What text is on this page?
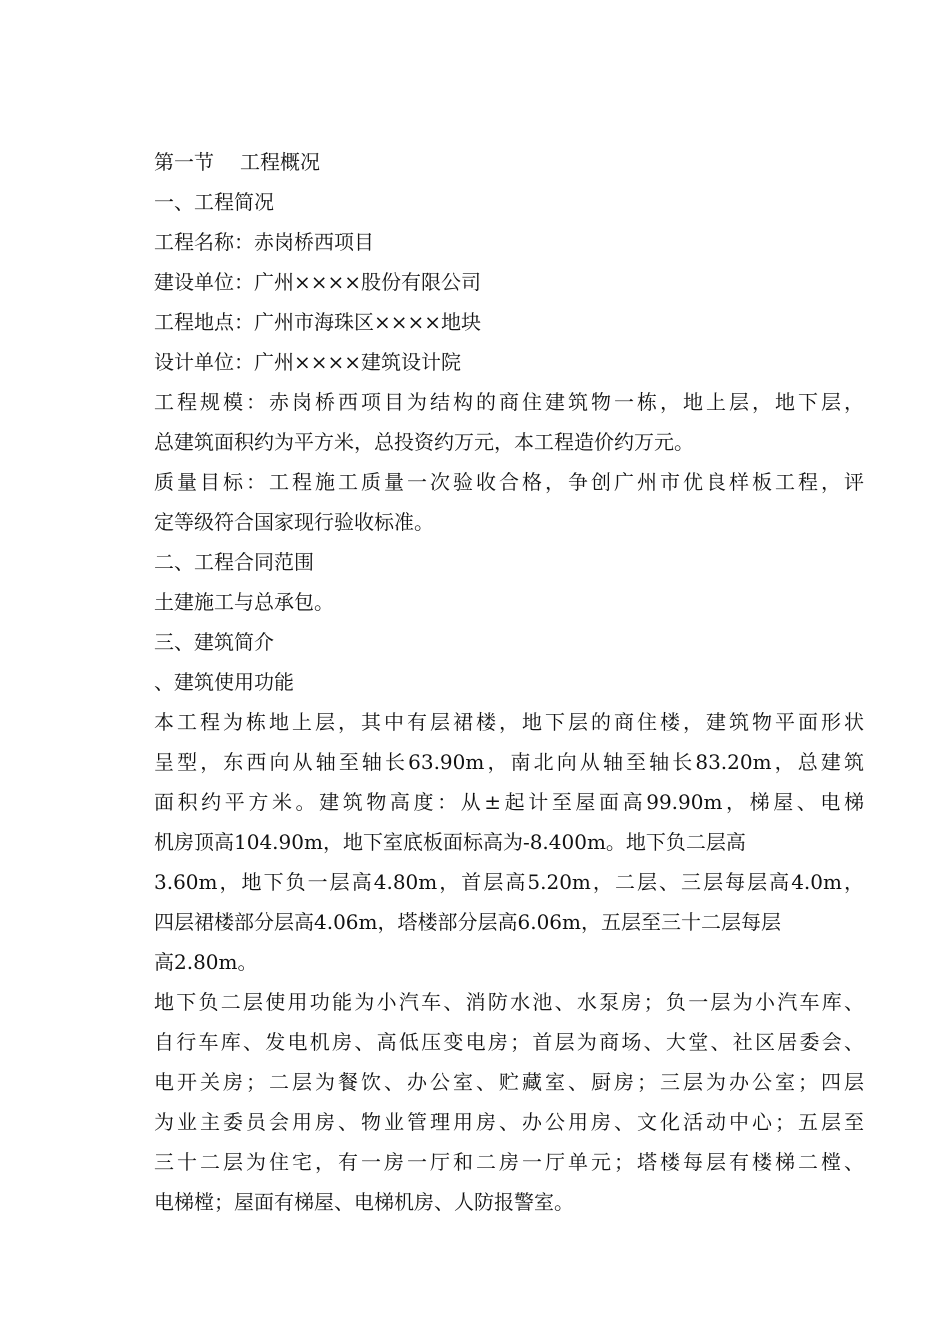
第一节 工程概况
一、工程简况
工程名称：赤岗桥西项目
建设单位：广州××××股份有限公司
工程地点：广州市海珠区××××地块
设计单位：广州××××建筑设计院
工程规模：赤岗桥西项目为结构的商住建筑物一栋，地上层，地下层，
总建筑面积约为平方米，总投资约万元，本工程造价约万元。
质量目标：工程施工质量一次验收合格，争创广州市优良样板工程，评
定等级符合国家现行验收标准。
二、工程合同范围
土建施工与总承包。
三、建筑简介
、建筑使用功能
本工程为栋地上层，其中有层裙楼，地下层的商住楼，建筑物平面形状
呈型，东西向从轴至轴长63.90m，南北向从轴至轴长83.20m，总建筑
面积约平方米。建筑物高度：从±起计至屋面高99.90m，梯屋、电梯
机房顶高104.90m，地下室底板面标高为-8.400m。地下负二层高
3.60m，地下负一层高4.80m，首层高5.20m，二层、三层每层高4.0m，
四层裙楼部分层高4.06m，塔楼部分层高6.06m，五层至三十二层每层
高2.80m。
地下负二层使用功能为小汽车、消防水池、水泵房；负一层为小汽车库、
自行车库、发电机房、高低压变电房；首层为商场、大堂、社区居委会、
电开关房；二层为餐饮、办公室、贮藏室、厨房；三层为办公室；四层
为业主委员会用房、物业管理用房、办公用房、文化活动中心；五层至
三十二层为住宅，有一房一厅和二房一厅单元；塔楼每层有楼梯二樘、
电梯樘；屋面有梯屋、电梯机房、人防报警室。
